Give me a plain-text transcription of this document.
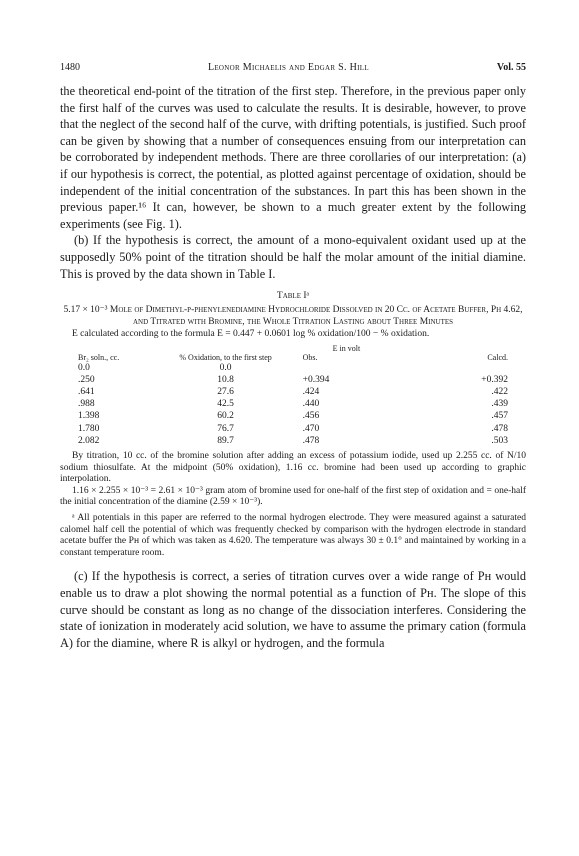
1480	Leonor Michaelis and Edgar S. Hill	Vol. 55

the theoretical end-point of the titration of the first step. Therefore, in the previous paper only the first half of the curves was used to calculate the results. It is desirable, however, to prove that the neglect of the second half of the curve, with drifting potentials, is justified. Such proof can be given by showing that a number of consequences ensuing from our interpretation can be corroborated by independent methods. There are three corollaries of our interpretation: (a) if our hypothesis is correct, the potential, as plotted against percentage of oxidation, should be independent of the initial concentration of the substances. In part this has been shown in the previous paper.¹⁶ It can, however, be shown to a much greater extent by the following experiments (see Fig. 1).

(b) If the hypothesis is correct, the amount of a mono-equivalent oxidant used up at the supposedly 50% point of the titration should be half the molar amount of the initial diamine. This is proved by the data shown in Table I.

Table Iᵃ
5.17 × 10⁻³ Mole of Dimethyl-p-phenylenediamine Hydrochloride Dissolved in 20 Cc. of Acetate Buffer, Pн 4.62, and Titrated with Bromine, the Whole Titration Lasting about Three Minutes
E calculated according to the formula E = 0.447 + 0.0601 log % oxidation/100 − % oxidation.
Br₂ soln., cc.	% Oxidation, to the first step	E in volt
Obs.	Calcd.
0.0	0.0		
.250	10.8	+0.394	+0.392
.641	27.6	.424	.422
.988	42.5	.440	.439
1.398	60.2	.456	.457
1.780	76.7	.470	.478
2.082	89.7	.478	.503

By titration, 10 cc. of the bromine solution after adding an excess of potassium iodide, used up 2.255 cc. of N/10 sodium thiosulfate. At the midpoint (50% oxidation), 1.16 cc. bromine had been used up according to graphic interpolation.

1.16 × 2.255 × 10⁻³ = 2.61 × 10⁻³ gram atom of bromine used for one-half of the first step of oxidation and = one-half the initial concentration of the diamine (2.59 × 10⁻³).

ᵃ All potentials in this paper are referred to the normal hydrogen electrode. They were measured against a saturated calomel half cell the potential of which was frequently checked by comparison with the hydrogen electrode in standard acetate buffer the Pн of which was taken as 4.620. The temperature was always 30 ± 0.1° and maintained by working in a constant temperature room.

(c) If the hypothesis is correct, a series of titration curves over a wide range of Pн would enable us to draw a plot showing the normal potential as a function of Pн. The slope of this curve should be constant as long as no change of the dissociation interferes. Considering the state of ionization in moderately acid solution, we have to assume the primary cation (formula A) for the diamine, where R is alkyl or hydrogen, and the formula
